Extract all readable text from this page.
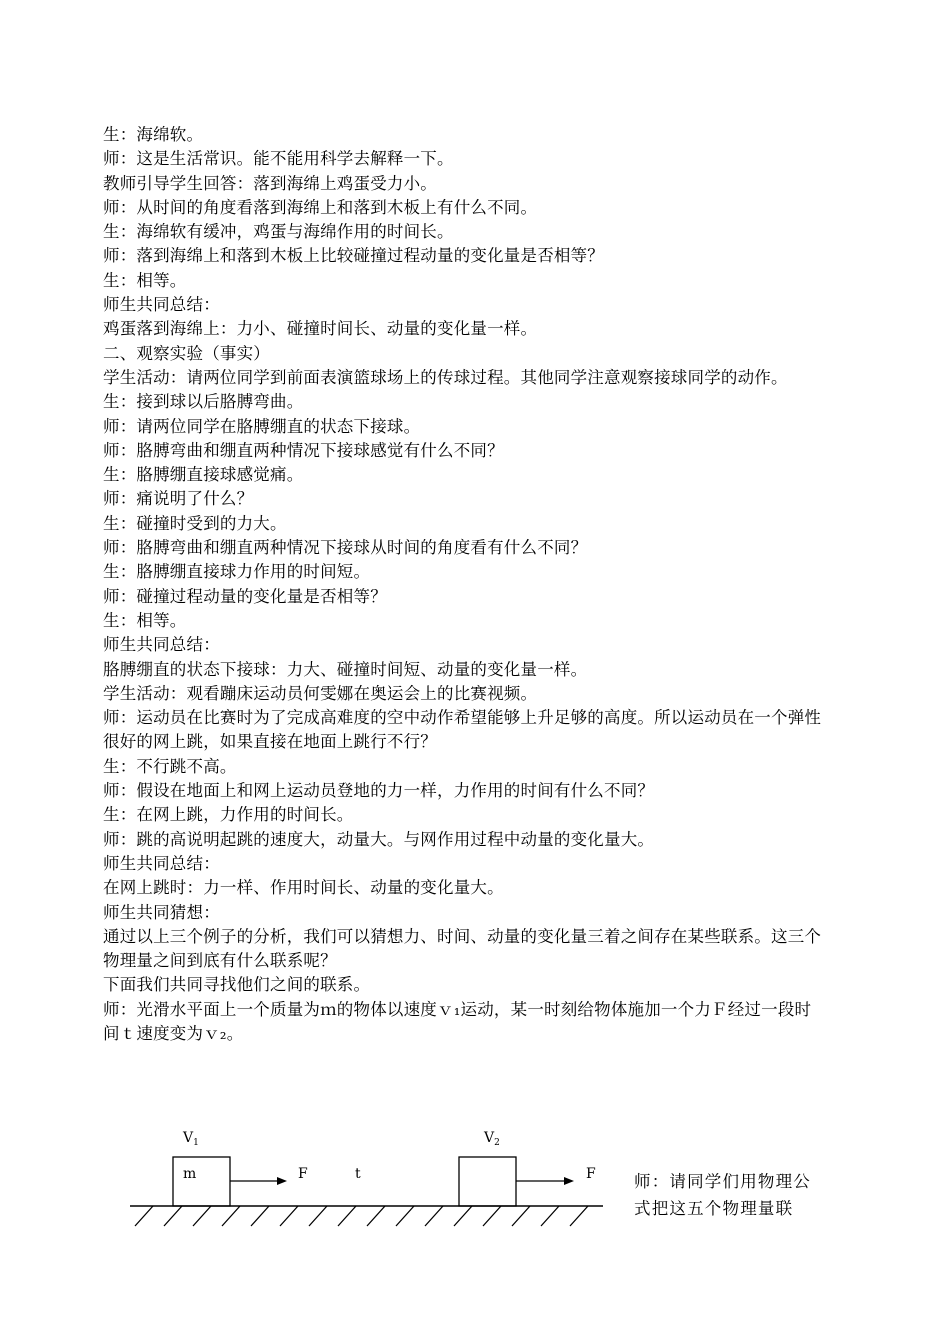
生：海绵软。

师：这是生活常识。能不能用科学去解释一下。

教师引导学生回答：落到海绵上鸡蛋受力小。

师：从时间的角度看落到海绵上和落到木板上有什么不同。

生：海绵软有缓冲，鸡蛋与海绵作用的时间长。

师：落到海绵上和落到木板上比较碰撞过程动量的变化量是否相等？

生：相等。

师生共同总结：

鸡蛋落到海绵上：力小、碰撞时间长、动量的变化量一样。

二、观察实验（事实）

学生活动：请两位同学到前面表演篮球场上的传球过程。其他同学注意观察接球同学的动作。

生：接到球以后胳膊弯曲。

师：请两位同学在胳膊绷直的状态下接球。

师：胳膊弯曲和绷直两种情况下接球感觉有什么不同？

生：胳膊绷直接球感觉痛。

师：痛说明了什么？

生：碰撞时受到的力大。

师：胳膊弯曲和绷直两种情况下接球从时间的角度看有什么不同？

生：胳膊绷直接球力作用的时间短。

师：碰撞过程动量的变化量是否相等？

生：相等。

师生共同总结：

胳膊绷直的状态下接球：力大、碰撞时间短、动量的变化量一样。

学生活动：观看蹦床运动员何雯娜在奥运会上的比赛视频。

师：运动员在比赛时为了完成高难度的空中动作希望能够上升足够的高度。所以运动员在一个弹性很好的网上跳，如果直接在地面上跳行不行？

生：不行跳不高。

师：假设在地面上和网上运动员登地的力一样，力作用的时间有什么不同？

生：在网上跳，力作用的时间长。

师：跳的高说明起跳的速度大，动量大。与网作用过程中动量的变化量大。

师生共同总结：

在网上跳时：力一样、作用时间长、动量的变化量大。

师生共同猜想：

通过以上三个例子的分析，我们可以猜想力、时间、动量的变化量三着之间存在某些联系。这三个物理量之间到底有什么联系呢？

下面我们共同寻找他们之间的联系。

师：光滑水平面上一个质量为ｍ的物体以速度ｖ₁运动，某一时刻给物体施加一个力Ｆ经过一段时间ｔ速度变为ｖ₂。

$V_1$	$V_2$
m	F	t	F 师：请同学们用物理公

式把这五个物理量联
